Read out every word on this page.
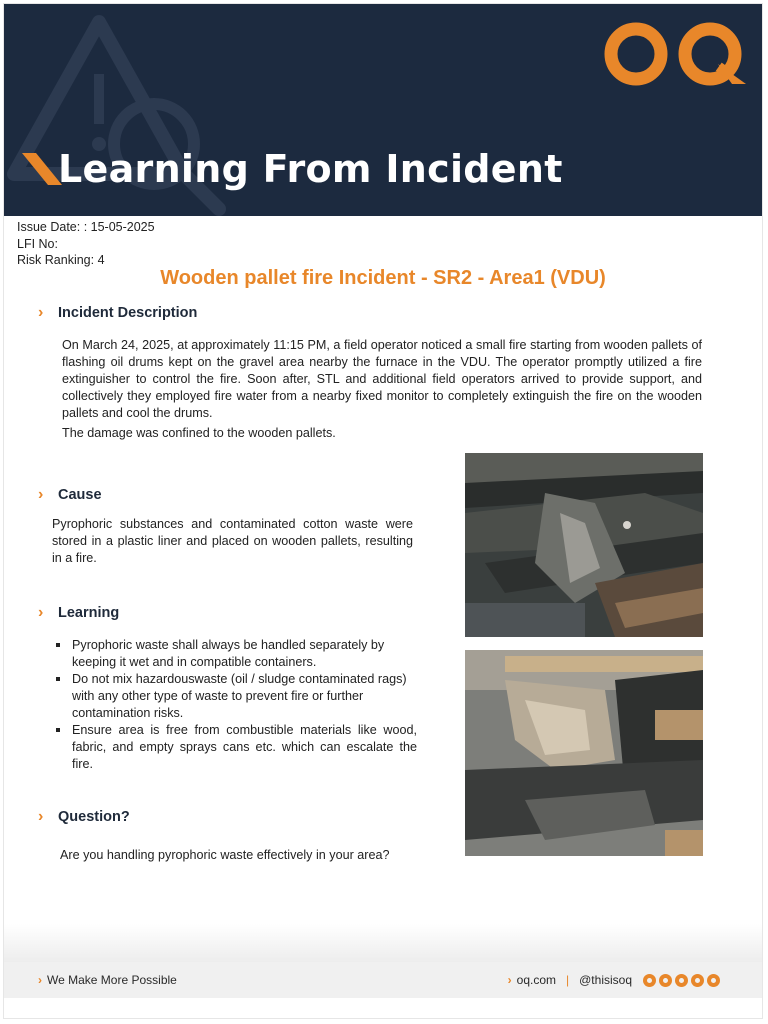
Learning From Incident
Issue Date: : 15-05-2025
LFI No:
Risk Ranking: 4
Wooden pallet fire Incident - SR2 - Area1 (VDU)
›	Incident Description
On March 24, 2025, at approximately 11:15 PM, a field operator noticed a small fire starting from wooden pallets of flashing oil drums kept on the gravel area nearby the furnace in the VDU. The operator promptly utilized a fire extinguisher to control the fire. Soon after, STL and additional field operators arrived to provide support, and collectively they employed fire water from a nearby fixed monitor to completely extinguish the fire on the wooden pallets and cool the drums.
The damage was confined to the wooden pallets.
›	Cause
Pyrophoric substances and contaminated cotton waste were stored in a plastic liner and placed on wooden pallets, resulting in a fire.
›	Learning
Pyrophoric waste shall always be handled separately by keeping it wet and in compatible containers.
Do not mix hazardouswaste (oil / sludge contaminated rags) with any other type of waste to prevent fire or further contamination risks.
Ensure area is free from combustible materials like wood, fabric, and empty sprays cans etc. which can escalate the fire.
›	Question?
Are you handling pyrophoric waste effectively in your area?
› We Make More Possible	› oq.com | @thisisoq
